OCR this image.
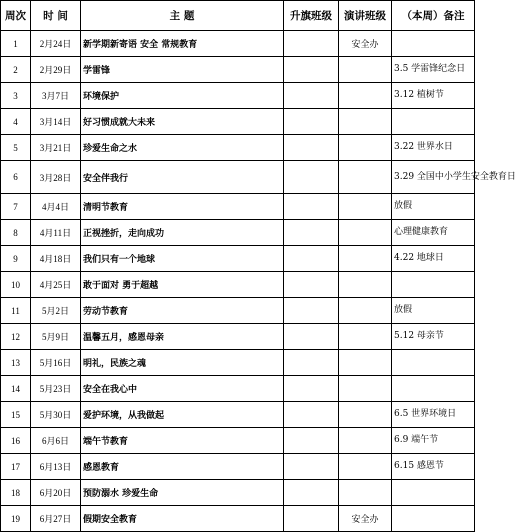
周次	时 间	主 题	升旗班级	演讲班级	（本周）备注
1	2月24日	新学期新寄语 安全 常规教育		安全办	
2	2月29日	学雷锋			3.5 学雷锋纪念日
3	3月7日	环境保护			3.12 植树节
4	3月14日	好习惯成就大未来			
5	3月21日	珍爱生命之水			3.22 世界水日
6	3月28日	安全伴我行			3.29 全国中小学生安全教育日
7	4月4日	清明节教育			放假
8	4月11日	正视挫折，走向成功			心理健康教育
9	4月18日	我们只有一个地球			4.22 地球日
10	4月25日	敢于面对 勇于超越			
11	5月2日	劳动节教育			放假
12	5月9日	温馨五月，感恩母亲			5.12 母亲节
13	5月16日	明礼，民族之魂			
14	5月23日	安全在我心中			
15	5月30日	爱护环境，从我做起			6.5 世界环境日
16	6月6日	端午节教育			6.9 端午节
17	6月13日	感恩教育			6.15 感恩节
18	6月20日	预防溺水 珍爱生命			
19	6月27日	假期安全教育		安全办	
